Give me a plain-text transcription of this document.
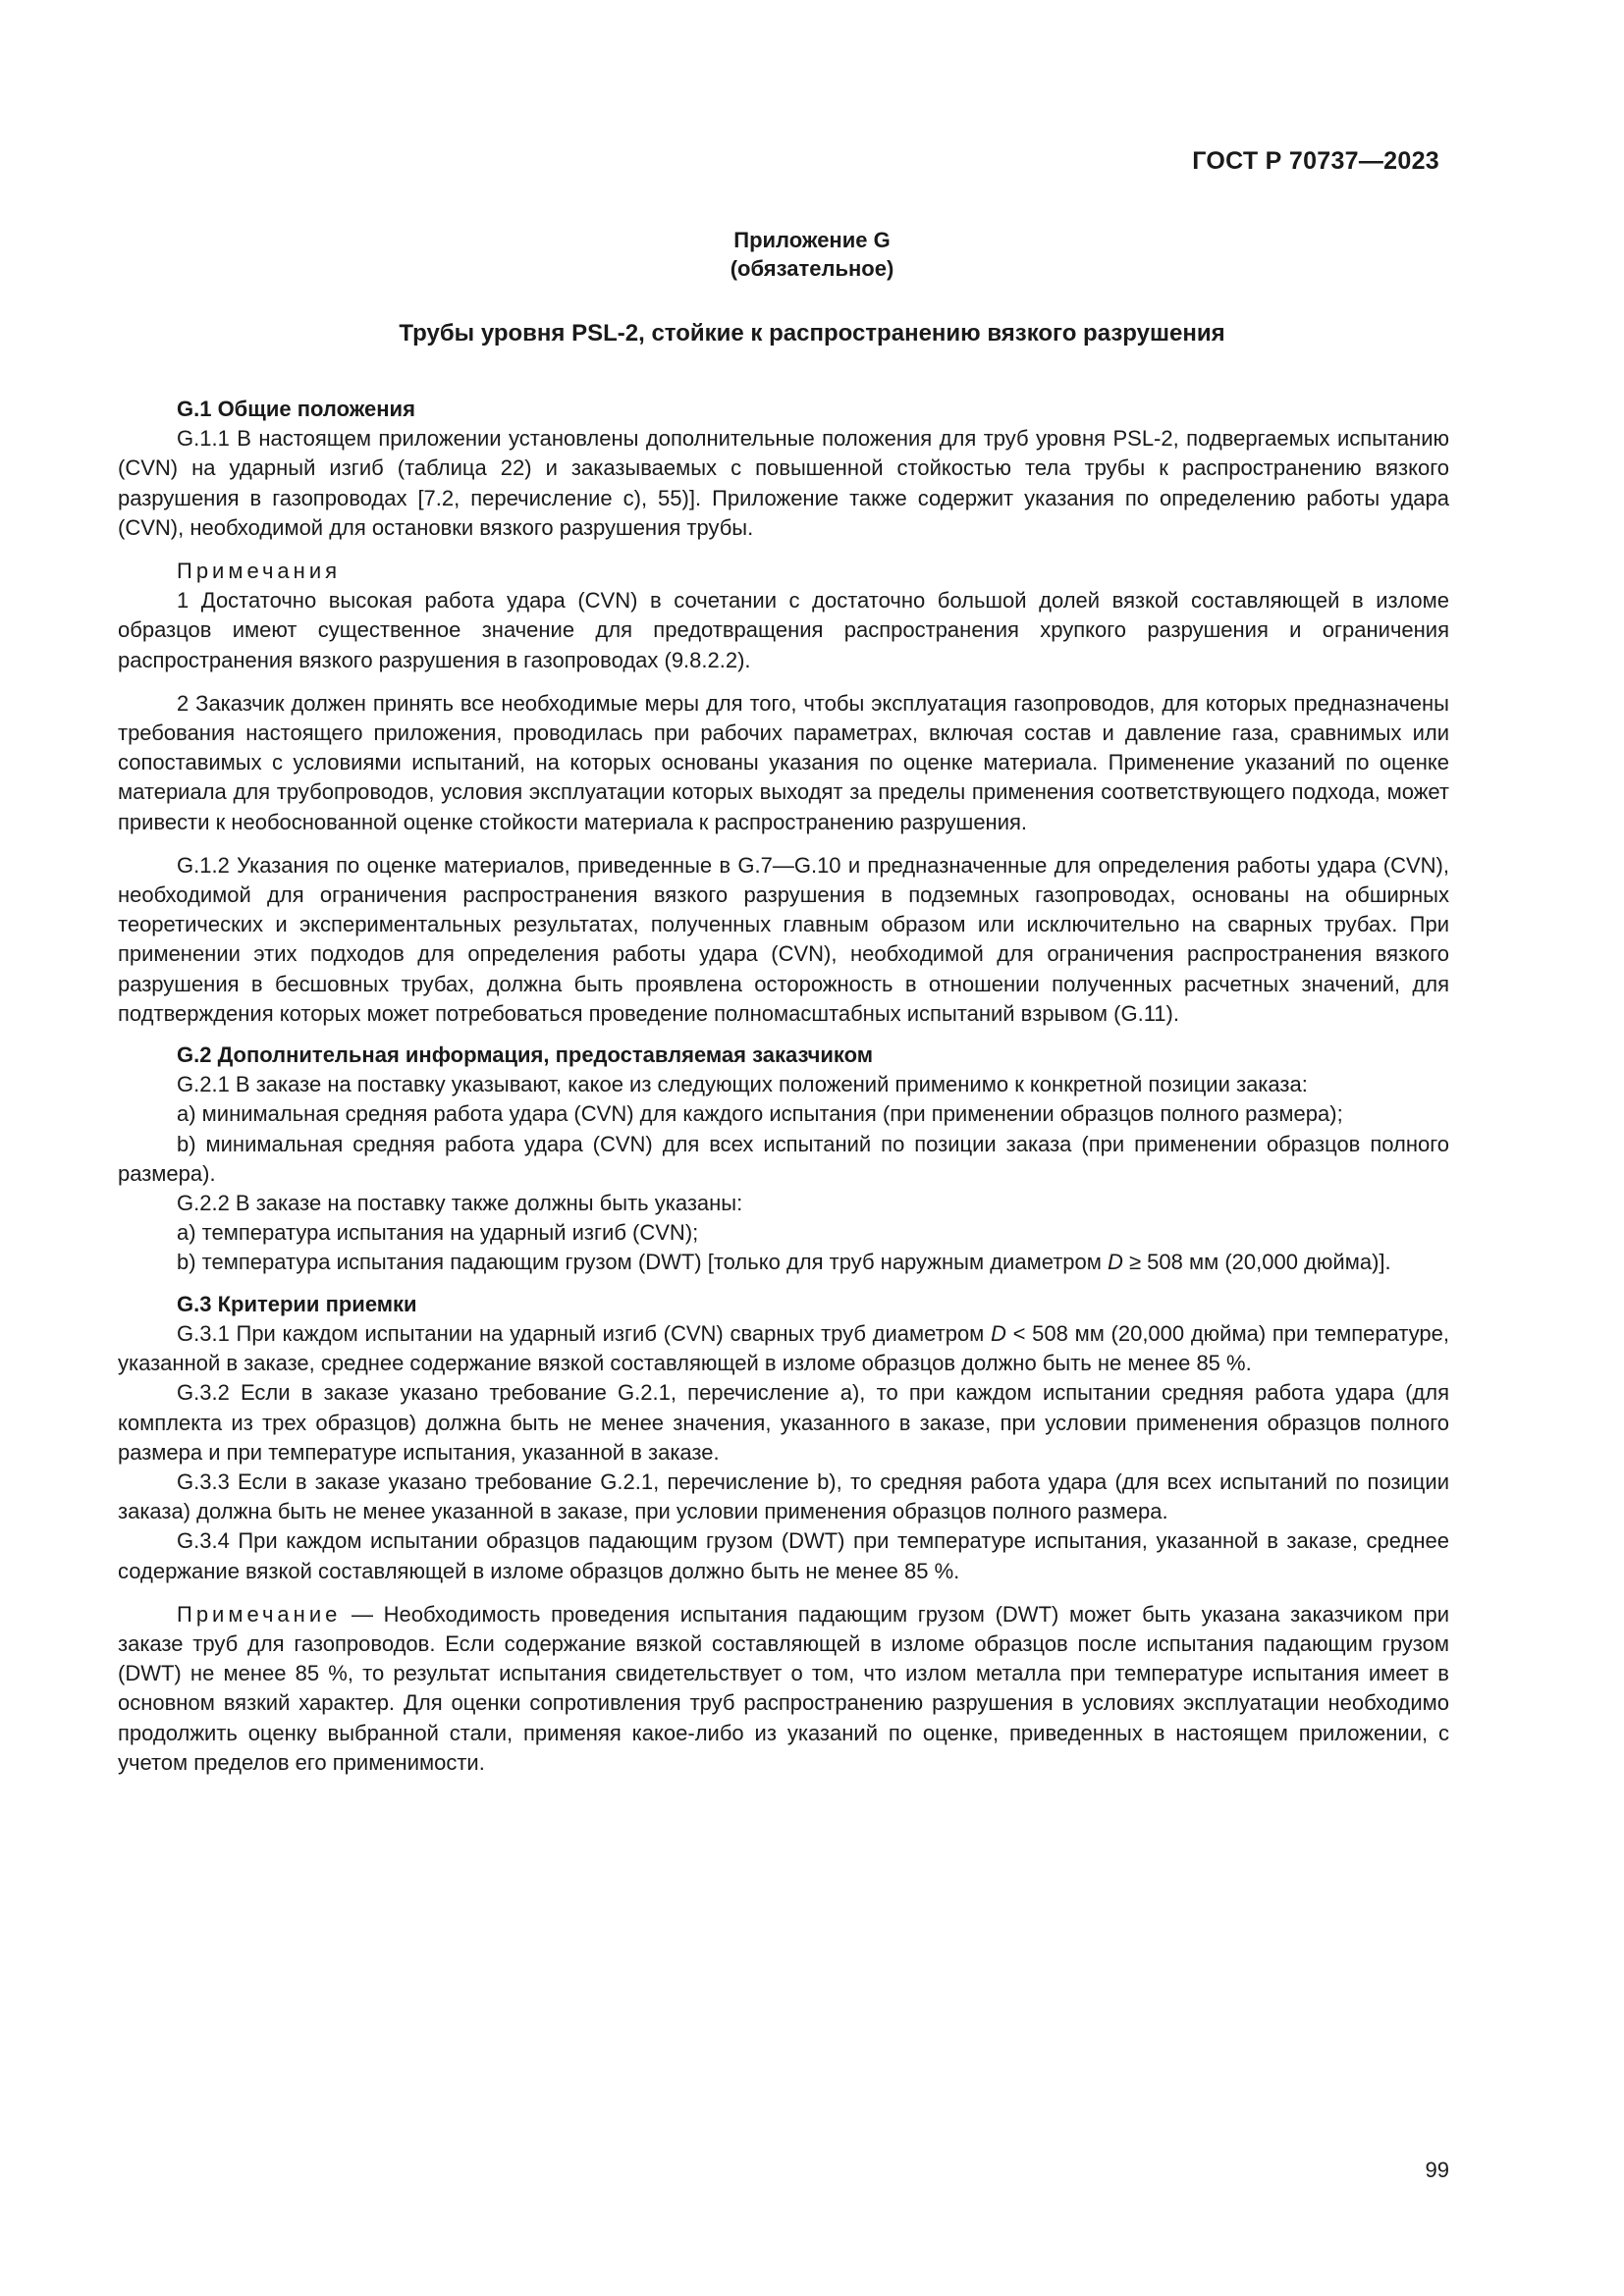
ГОСТ Р 70737—2023
Приложение G
(обязательное)
Трубы уровня PSL-2, стойкие к распространению вязкого разрушения

G.1 Общие положения

G.1.1 В настоящем приложении установлены дополнительные положения для труб уровня PSL-2, подвергаемых испытанию (CVN) на ударный изгиб (таблица 22) и заказываемых с повышенной стойкостью тела трубы к распространению вязкого разрушения в газопроводах [7.2, перечисление с), 55)]. Приложение также содержит указания по определению работы удара (CVN), необходимой для остановки вязкого разрушения трубы.

Примечания

1 Достаточно высокая работа удара (CVN) в сочетании с достаточно большой долей вязкой составляющей в изломе образцов имеют существенное значение для предотвращения распространения хрупкого разрушения и ограничения распространения вязкого разрушения в газопроводах (9.8.2.2).

2 Заказчик должен принять все необходимые меры для того, чтобы эксплуатация газопроводов, для которых предназначены требования настоящего приложения, проводилась при рабочих параметрах, включая состав и давление газа, сравнимых или сопоставимых с условиями испытаний, на которых основаны указания по оценке материала. Применение указаний по оценке материала для трубопроводов, условия эксплуатации которых выходят за пределы применения соответствующего подхода, может привести к необоснованной оценке стойкости материала к распространению разрушения.

G.1.2 Указания по оценке материалов, приведенные в G.7—G.10 и предназначенные для определения работы удара (CVN), необходимой для ограничения распространения вязкого разрушения в подземных газопроводах, основаны на обширных теоретических и экспериментальных результатах, полученных главным образом или исключительно на сварных трубах. При применении этих подходов для определения работы удара (CVN), необходимой для ограничения распространения вязкого разрушения в бесшовных трубах, должна быть проявлена осторожность в отношении полученных расчетных значений, для подтверждения которых может потребоваться проведение полномасштабных испытаний взрывом (G.11).

G.2 Дополнительная информация, предоставляемая заказчиком

G.2.1 В заказе на поставку указывают, какое из следующих положений применимо к конкретной позиции заказа:

a) минимальная средняя работа удара (CVN) для каждого испытания (при применении образцов полного размера);

b) минимальная средняя работа удара (CVN) для всех испытаний по позиции заказа (при применении образцов полного размера).

G.2.2 В заказе на поставку также должны быть указаны:

a) температура испытания на ударный изгиб (CVN);

b) температура испытания падающим грузом (DWT) [только для труб наружным диаметром D ≥ 508 мм (20,000 дюйма)].

G.3 Критерии приемки

G.3.1 При каждом испытании на ударный изгиб (CVN) сварных труб диаметром D < 508 мм (20,000 дюйма) при температуре, указанной в заказе, среднее содержание вязкой составляющей в изломе образцов должно быть не менее 85 %.

G.3.2 Если в заказе указано требование G.2.1, перечисление а), то при каждом испытании средняя работа удара (для комплекта из трех образцов) должна быть не менее значения, указанного в заказе, при условии применения образцов полного размера и при температуре испытания, указанной в заказе.

G.3.3 Если в заказе указано требование G.2.1, перечисление b), то средняя работа удара (для всех испытаний по позиции заказа) должна быть не менее указанной в заказе, при условии применения образцов полного размера.

G.3.4 При каждом испытании образцов падающим грузом (DWT) при температуре испытания, указанной в заказе, среднее содержание вязкой составляющей в изломе образцов должно быть не менее 85 %.

Примечание — Необходимость проведения испытания падающим грузом (DWT) может быть указана заказчиком при заказе труб для газопроводов. Если содержание вязкой составляющей в изломе образцов после испытания падающим грузом (DWT) не менее 85 %, то результат испытания свидетельствует о том, что излом металла при температуре испытания имеет в основном вязкий характер. Для оценки сопротивления труб распространению разрушения в условиях эксплуатации необходимо продолжить оценку выбранной стали, применяя какое-либо из указаний по оценке, приведенных в настоящем приложении, с учетом пределов его применимости.

99
